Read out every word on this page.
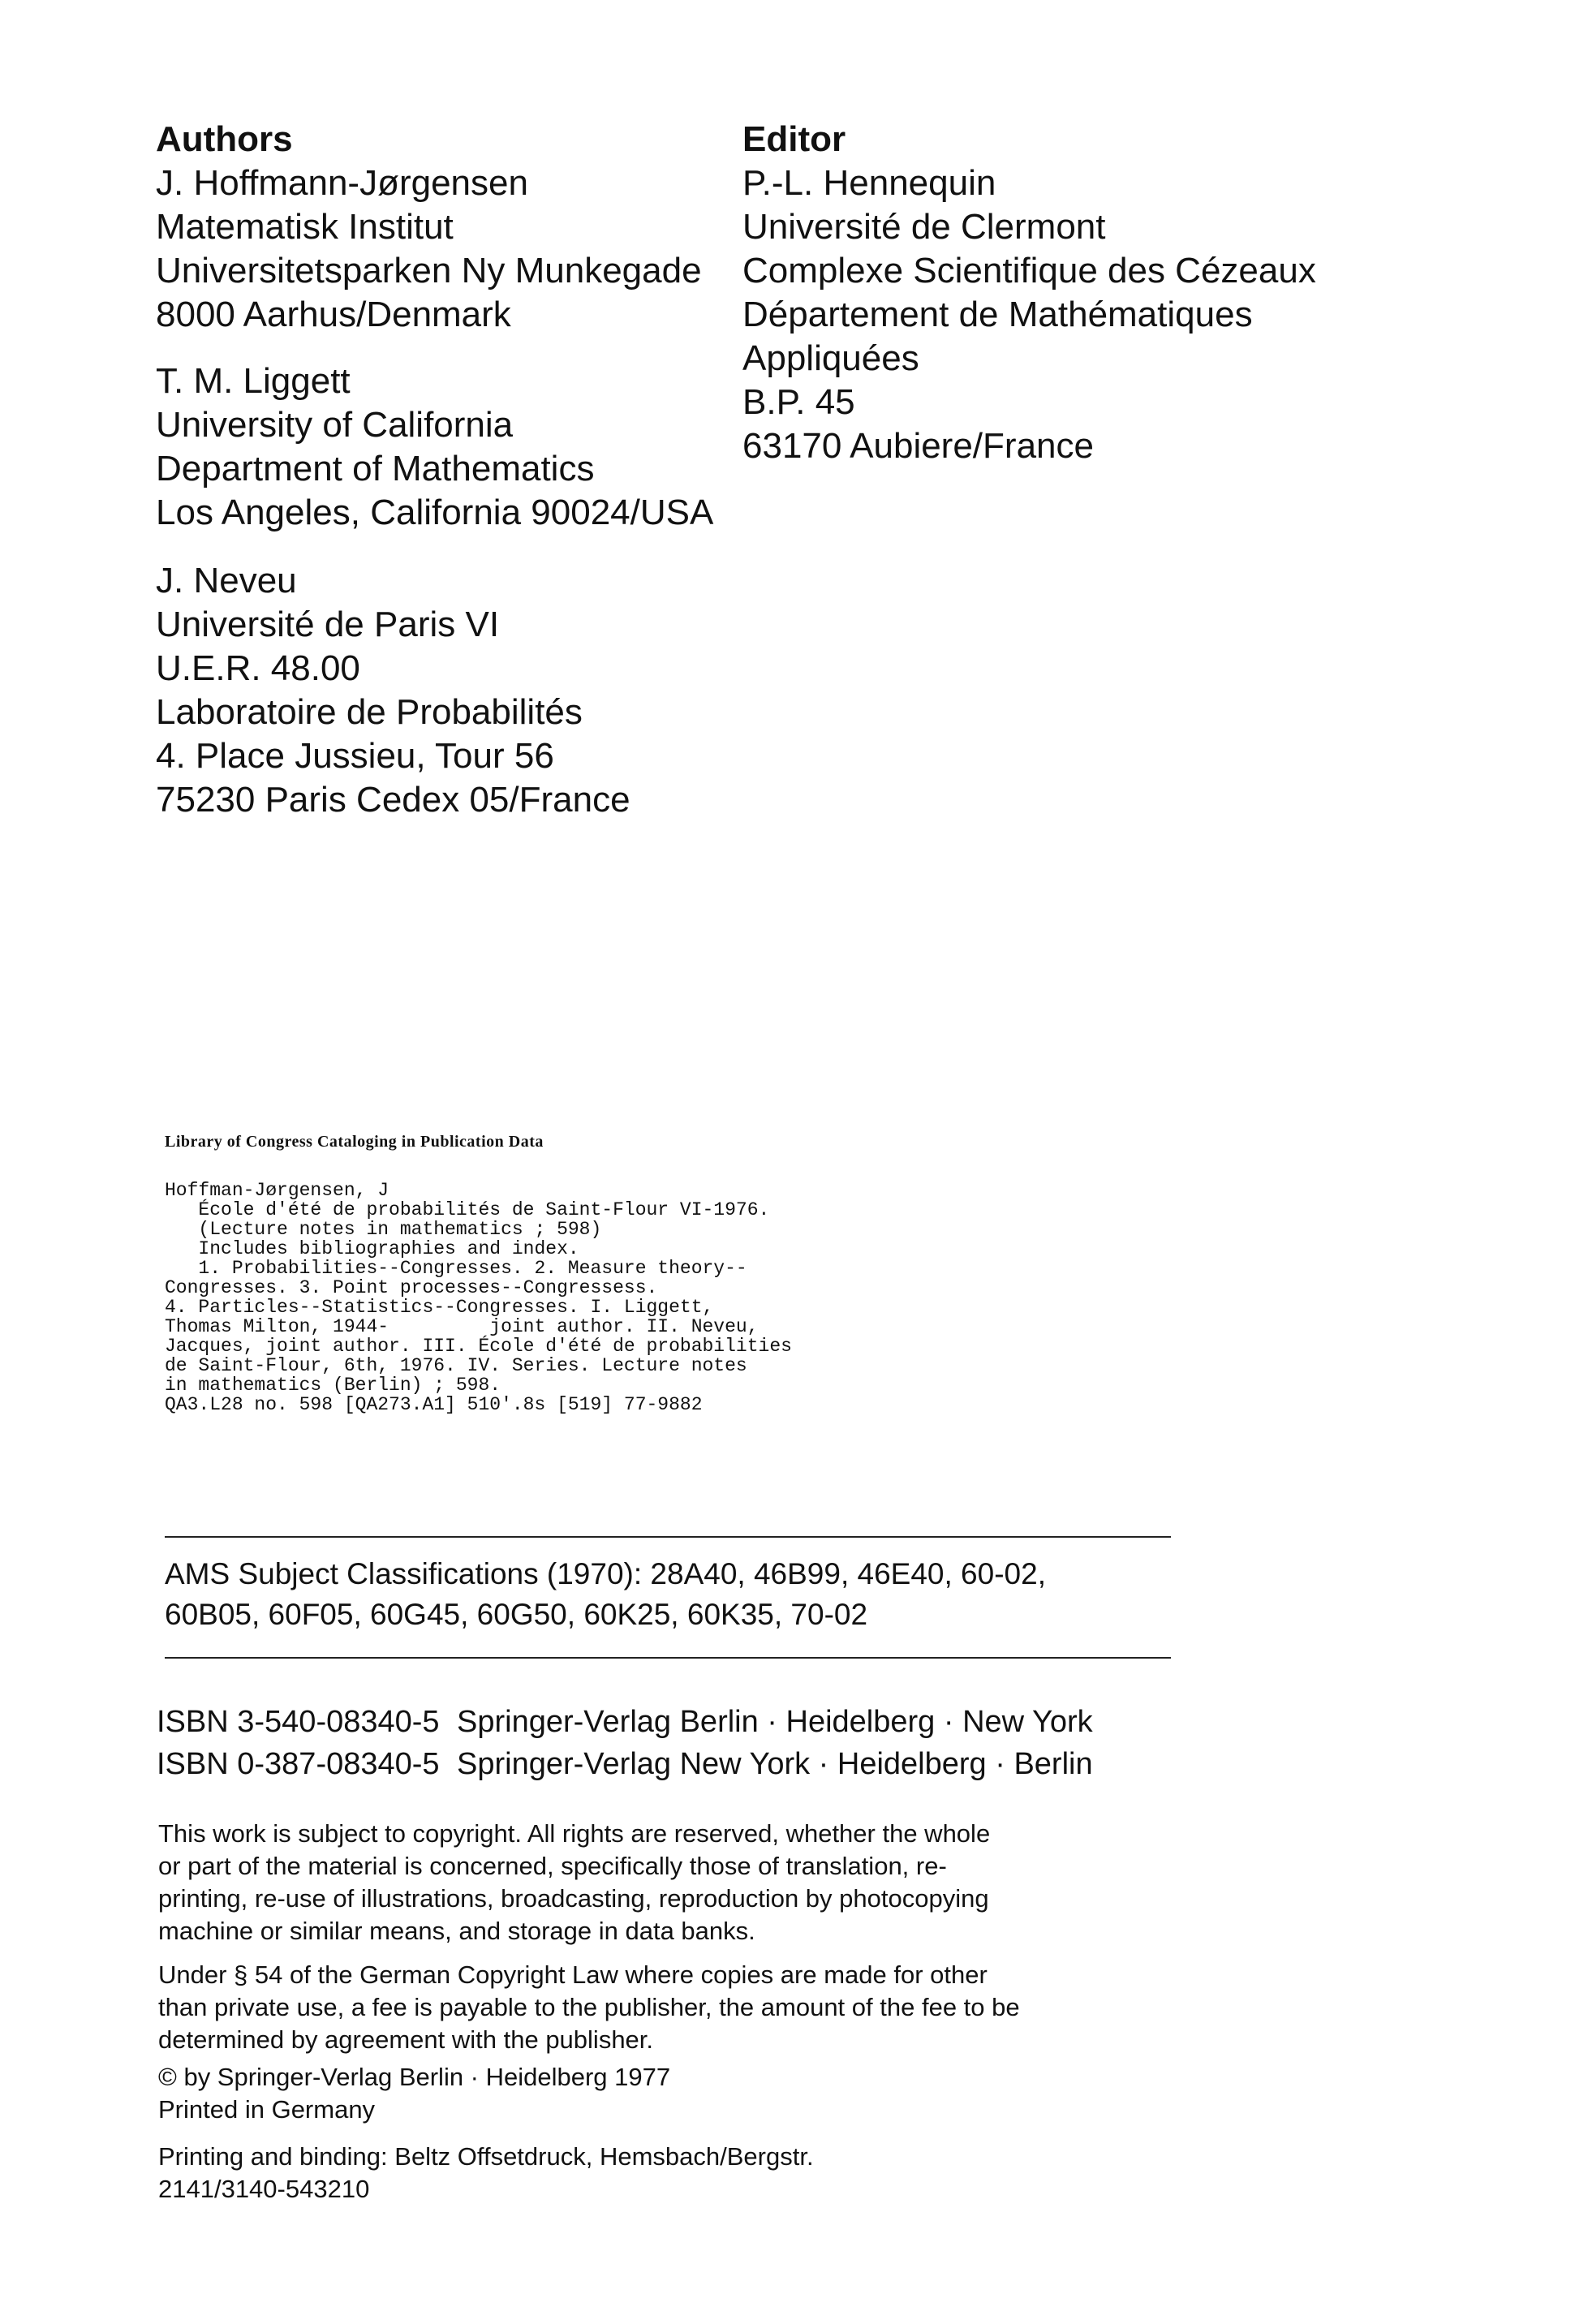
Authors
J. Hoffmann-Jørgensen
Matematisk Institut
Universitetsparken Ny Munkegade
8000 Aarhus/Denmark
T. M. Liggett
University of California
Department of Mathematics
Los Angeles, California 90024/USA
J. Neveu
Université de Paris VI
U.E.R. 48.00
Laboratoire de Probabilités
4. Place Jussieu, Tour 56
75230 Paris Cedex 05/France
Editor
P.-L. Hennequin
Université de Clermont
Complexe Scientifique des Cézeaux
Département de Mathématiques
Appliquées
B.P. 45
63170 Aubiere/France
Library of Congress Cataloging in Publication Data
Hoffman-Jørgensen, J
École d'été de probabilités de Saint-Flour VI-1976.
(Lecture notes in mathematics ; 598)
Includes bibliographies and index.
1. Probabilities--Congresses. 2. Measure theory--
Congresses. 3. Point processes--Congressess.
4. Particles--Statistics--Congresses. I. Liggett,
Thomas Milton, 1944-         joint author. II. Neveu,
Jacques, joint author. III. École d'été de probabilities
de Saint-Flour, 6th, 1976. IV. Series. Lecture notes
in mathematics (Berlin) ; 598.
QA3.L28 no. 598 [QA273.A1] 510'.8s [519] 77-9882
AMS Subject Classifications (1970): 28A40, 46B99, 46E40, 60-02,
60B05, 60F05, 60G45, 60G50, 60K25, 60K35, 70-02
ISBN 3-540-08340-5 Springer-Verlag Berlin · Heidelberg · New York
ISBN 0-387-08340-5 Springer-Verlag New York · Heidelberg · Berlin
This work is subject to copyright. All rights are reserved, whether the whole
or part of the material is concerned, specifically those of translation, re-
printing, re-use of illustrations, broadcasting, reproduction by photocopying
machine or similar means, and storage in data banks.
Under § 54 of the German Copyright Law where copies are made for other
than private use, a fee is payable to the publisher, the amount of the fee to be
determined by agreement with the publisher.
© by Springer-Verlag Berlin · Heidelberg 1977
Printed in Germany
Printing and binding: Beltz Offsetdruck, Hemsbach/Bergstr.
2141/3140-543210
